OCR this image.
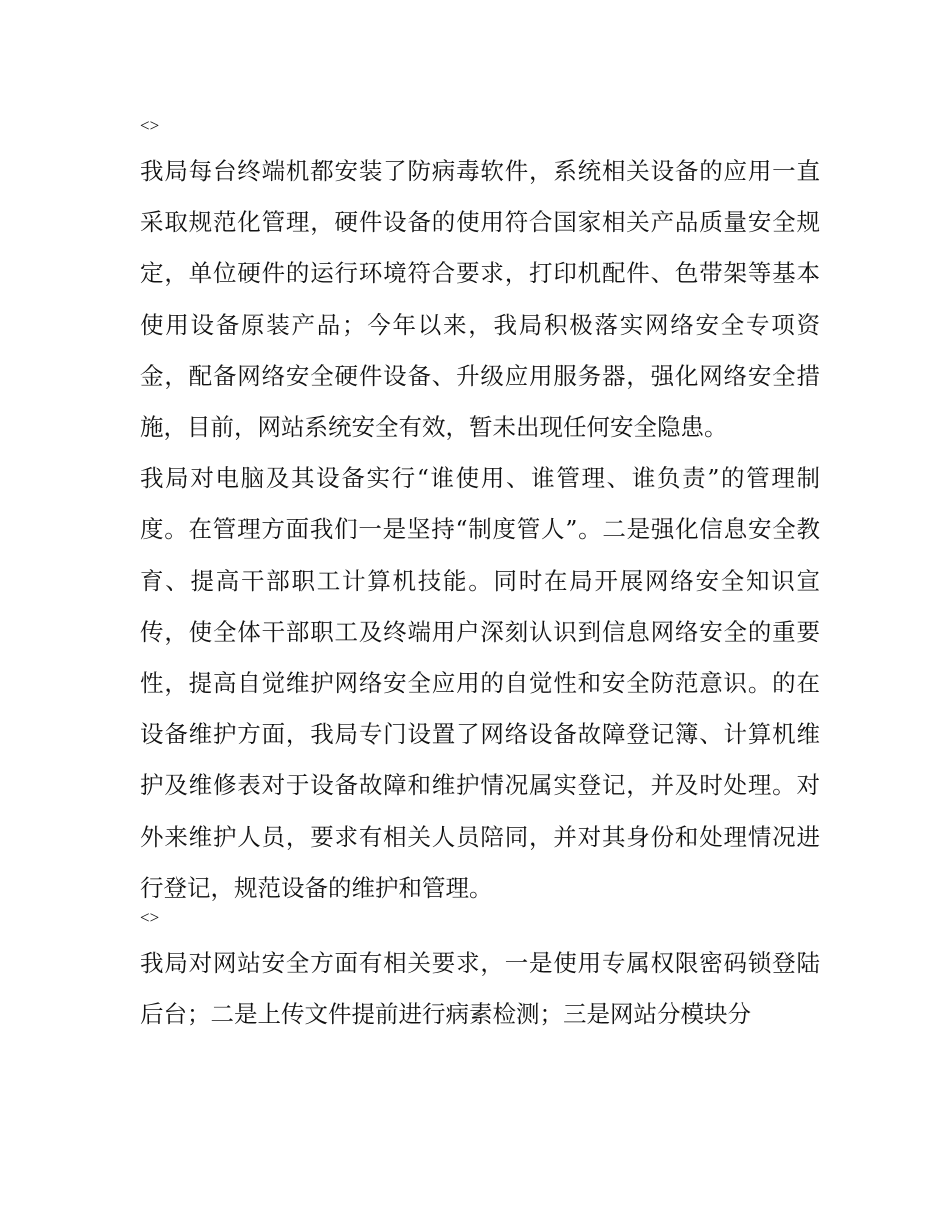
<>

我局每台终端机都安装了防病毒软件，系统相关设备的应用一直采取规范化管理，硬件设备的使用符合国家相关产品质量安全规定，单位硬件的运行环境符合要求，打印机配件、色带架等基本使用设备原装产品；今年以来，我局积极落实网络安全专项资金，配备网络安全硬件设备、升级应用服务器，强化网络安全措施，目前，网站系统安全有效，暂未出现任何安全隐患。

我局对电脑及其设备实行“谁使用、谁管理、谁负责”的管理制度。在管理方面我们一是坚持“制度管人”。二是强化信息安全教育、提高干部职工计算机技能。同时在局开展网络安全知识宣传，使全体干部职工及终端用户深刻认识到信息网络安全的重要性，提高自觉维护网络安全应用的自觉性和安全防范意识。的在设备维护方面，我局专门设置了网络设备故障登记簿、计算机维护及维修表对于设备故障和维护情况属实登记，并及时处理。对外来维护人员，要求有相关人员陪同，并对其身份和处理情况进行登记，规范设备的维护和管理。

<>

我局对网站安全方面有相关要求，一是使用专属权限密码锁登陆后台；二是上传文件提前进行病素检测；三是网站分模块分
